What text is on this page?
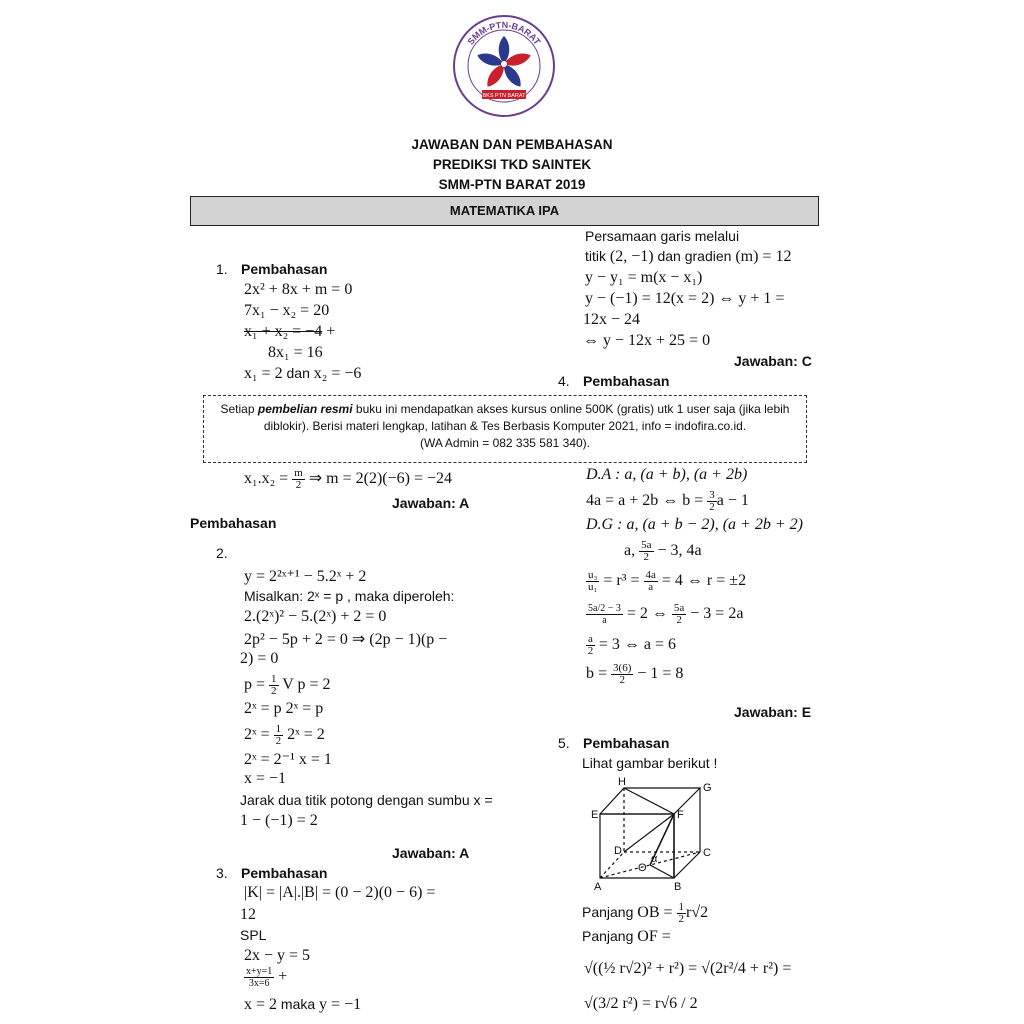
SMM-PTN-BARAT
BKS PTN BARAT
JAWABAN DAN PEMBAHASAN
PREDIKSI TKD SAINTEK
SMM-PTN BARAT 2019
MATEMATIKA IPA
1. Pembahasan
2x² + 8x + m = 0
7x₁ − x₂ = 20
x₁ + x₂ = −4 +
8x₁ = 16
x₁ = 2 dan x₂ = −6
Setiap pembelian resmi buku ini mendapatkan akses kursus online 500K (gratis) utk 1 user saja (jika lebih
diblokir). Berisi materi lengkap, latihan & Tes Berbasis Komputer 2021, info = indofira.co.id.
(WA Admin = 082 335 581 340).
$x_1.x_2 = \frac{m}{2}$ ⇒ m = 2(2)(−6) = −24
Jawaban: A
Pembahasan
2.
y = 2²ˣ⁺¹ − 5.2ˣ + 2
Misalkan: 2ˣ = p , maka diperoleh:
2.(2ˣ)² − 5.(2ˣ) + 2 = 0
2p² − 5p + 2 = 0 ⇒ (2p − 1)(p −
2) = 0
$p = \frac{1}{2}$ V p = 2
2ˣ = p 2ˣ = p
2ˣ = $\frac{1}{2}$ 2ˣ = 2
2ˣ = 2⁻¹ x = 1
x = −1
Jarak dua titik potong dengan sumbu x =
1 − (−1) = 2
Jawaban: A
3. Pembahasan
|K| = |A|.|B| = (0 − 2)(0 − 6) =
12
SPL
2x − y = 5
$\frac{x+y=1}{3x=6}$ +
x = 2 maka y = −1
Persamaan garis melalui
titik (2, −1) dan gradien (m) = 12
y − y₁ = m(x − x₁)
y − (−1) = 12(x = 2) ⇔ y + 1 =
12x − 24
⇔ y − 12x + 25 = 0
Jawaban: C
4. Pembahasan
D.A : a, (a + b), (a + 2b)
4a = a + 2b ⇔ $b = \frac{3}{2}$ a − 1
D.G : a, (a + b − 2), (a + 2b + 2)
a, $\frac{5a}{2} - 3$, 4a
$\frac{\text{u₃}}{\text{u₁}} = r^3 = \frac{4a}{a} = 4$ ⇔ r = ±2
$\frac{5a/2 - 3}{a} = 2$ ⇔ $\frac{5a}{2} - 3 = 2a$
$\frac{a}{2} = 3$ ⇔ a = 6
$b = \frac{3(6)}{2} - 1 = 8$
Jawaban: E
5. Pembahasan
Lihat gambar berikut !
H	G
E	F
D	C
A	B
O
α
Panjang OB = $\frac{1}{2} r√2$
Panjang OF =
√((½ r√2)² + r²) = √(2r²/4 + r²) =
√(3/2 r²) = r√6 / 2
